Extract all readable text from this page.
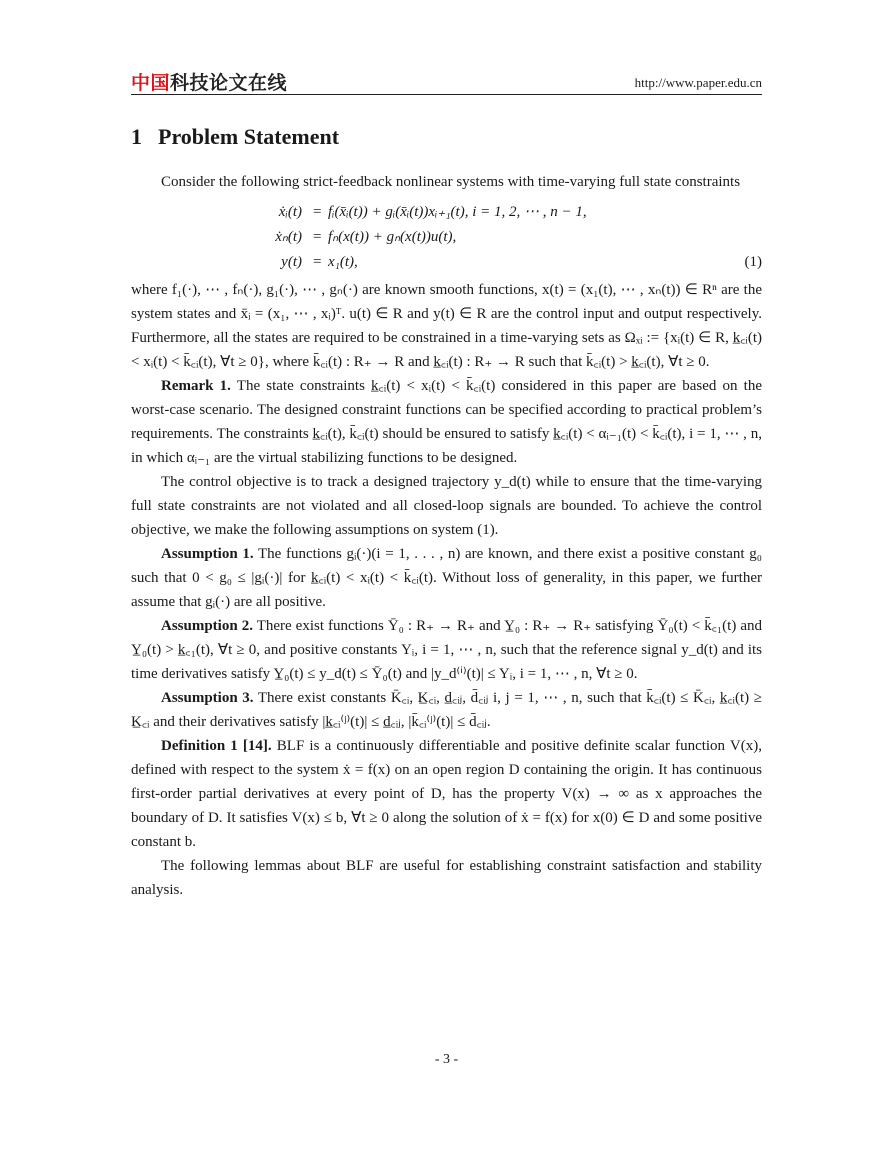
中国科技论文在线	http://www.paper.edu.cn
1 Problem Statement

Consider the following strict-feedback nonlinear systems with time-varying full state constraints

ẋᵢ(t) = fᵢ(x̄ᵢ(t)) + gᵢ(x̄ᵢ(t))xᵢ₊₁(t), i = 1, 2, ⋯ , n − 1,
ẋₙ(t) = fₙ(x(t)) + gₙ(x(t))u(t),
y(t) = x₁(t),	(1)

where f₁(·), ⋯ , fₙ(·), g₁(·), ⋯ , gₙ(·) are known smooth functions, x(t) = (x₁(t), ⋯ , xₙ(t)) ∈ Rⁿ are the system states and x̄ᵢ = (x₁, ⋯ , xᵢ)ᵀ. u(t) ∈ R and y(t) ∈ R are the control input and output respectively. Furthermore, all the states are required to be constrained in a time-varying sets as Ωₓᵢ := {xᵢ(t) ∈ R, k̲꜀ᵢ(t) < xᵢ(t) < k̄꜀ᵢ(t), ∀t ≥ 0}, where k̄꜀ᵢ(t) : R₊ → R and k̲꜀ᵢ(t) : R₊ → R such that k̄꜀ᵢ(t) > k̲꜀ᵢ(t), ∀t ≥ 0.

Remark 1. The state constraints k̲꜀ᵢ(t) < xᵢ(t) < k̄꜀ᵢ(t) considered in this paper are based on the worst-case scenario. The designed constraint functions can be specified according to practical problem’s requirements. The constraints k̲꜀ᵢ(t), k̄꜀ᵢ(t) should be ensured to satisfy k̲꜀ᵢ(t) < αᵢ₋₁(t) < k̄꜀ᵢ(t), i = 1, ⋯ , n, in which αᵢ₋₁ are the virtual stabilizing functions to be designed.

The control objective is to track a designed trajectory y_d(t) while to ensure that the time-varying full state constraints are not violated and all closed-loop signals are bounded. To achieve the control objective, we make the following assumptions on system (1).

Assumption 1. The functions gᵢ(·)(i = 1, . . . , n) are known, and there exist a positive constant g₀ such that 0 < g₀ ≤ |gᵢ(·)| for k̲꜀ᵢ(t) < xᵢ(t) < k̄꜀ᵢ(t). Without loss of generality, in this paper, we further assume that gᵢ(·) are all positive.

Assumption 2. There exist functions Ȳ₀ : R₊ → R₊ and Y̲₀ : R₊ → R₊ satisfying Ȳ₀(t) < k̄꜀₁(t) and Y̲₀(t) > k̲꜀₁(t), ∀t ≥ 0, and positive constants Yᵢ, i = 1, ⋯ , n, such that the reference signal y_d(t) and its time derivatives satisfy Y̲₀(t) ≤ y_d(t) ≤ Ȳ₀(t) and |y_d⁽ⁱ⁾(t)| ≤ Yᵢ, i = 1, ⋯ , n, ∀t ≥ 0.

Assumption 3. There exist constants K̄꜀ᵢ, K̲꜀ᵢ, d̲꜀ᵢⱼ, d̄꜀ᵢⱼ i, j = 1, ⋯ , n, such that k̄꜀ᵢ(t) ≤ K̄꜀ᵢ, k̲꜀ᵢ(t) ≥ K̲꜀ᵢ and their derivatives satisfy |k̲꜀ᵢ⁽ʲ⁾(t)| ≤ d̲꜀ᵢⱼ, |k̄꜀ᵢ⁽ʲ⁾(t)| ≤ d̄꜀ᵢⱼ.

Definition 1 [14]. BLF is a continuously differentiable and positive definite scalar function V(x), defined with respect to the system ẋ = f(x) on an open region D containing the origin. It has continuous first-order partial derivatives at every point of D, has the property V(x) → ∞ as x approaches the boundary of D. It satisfies V(x) ≤ b, ∀t ≥ 0 along the solution of ẋ = f(x) for x(0) ∈ D and some positive constant b.

The following lemmas about BLF are useful for establishing constraint satisfaction and stability analysis.

- 3 -
